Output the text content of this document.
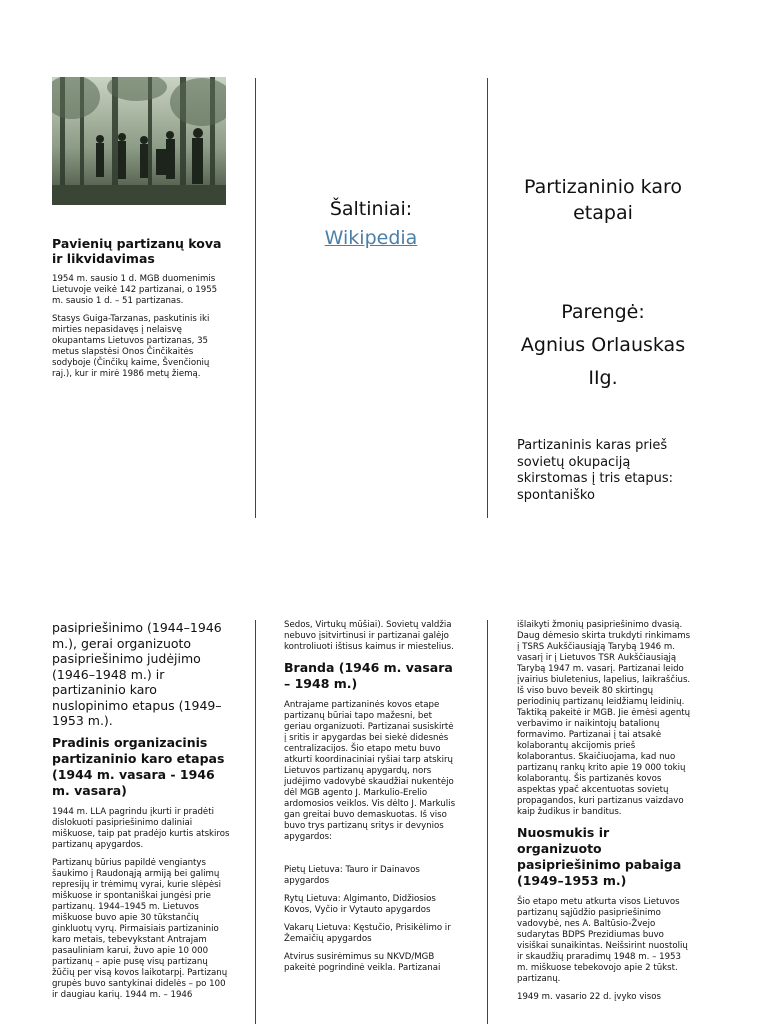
Pavienių partizanų kova ir likvidavimas

1954 m. sausio 1 d. MGB duomenimis Lietuvoje veikė 142 partizanai, o 1955 m. sausio 1 d. – 51 partizanas.

Stasys Guiga-Tarzanas, paskutinis iki mirties nepasidavęs į nelaisvę okupantams Lietuvos partizanas, 35 metus slapstėsi Onos Činčikaitės sodyboje (Činčikų kaime, Švenčionių raj.), kur ir mirė 1986 metų žiemą.

Šaltiniai:
Wikipedia
Partizaninio karo etapai
Parengė:
Agnius Orlauskas
IIg.

Partizaninis karas prieš sovietų okupaciją skirstomas į tris etapus: spontaniško

pasipriešinimo (1944–1946 m.), gerai organizuoto pasipriešinimo judėjimo (1946–1948 m.) ir partizaninio karo nuslopinimo etapus (1949–1953 m.).

Pradinis organizacinis partizaninio karo etapas (1944 m. vasara - 1946 m. vasara)

1944 m. LLA pagrindu įkurti ir pradėti dislokuoti pasipriešinimo daliniai miškuose, taip pat pradėjo kurtis atskiros partizanų apygardos.

Partizanų būrius papildė vengiantys šaukimo į Raudonąją armiją bei galimų represijų ir trėmimų vyrai, kurie slėpėsi miškuose ir spontaniškai jungėsi prie partizanų. 1944–1945 m. Lietuvos miškuose buvo apie 30 tūkstančių ginkluotų vyrų. Pirmaisiais partizaninio karo metais, tebevykstant Antrajam pasauliniam karui, žuvo apie 10 000 partizanų – apie pusę visų partizanų žūčių per visą kovos laikotarpį. Partizanų grupės buvo santykinai didelės – po 100 ir daugiau karių. 1944 m. – 1946

Sedos, Virtukų mūšiai). Sovietų valdžia nebuvo įsitvirtinusi ir partizanai galėjo kontroliuoti ištisus kaimus ir miestelius.

Branda (1946 m. vasara – 1948 m.)

Antrajame partizaninės kovos etape partizanų būriai tapo mažesni, bet geriau organizuoti. Partizanai susiskirtė į sritis ir apygardas bei siekė didesnės centralizacijos. Šio etapo metu buvo atkurti koordinaciniai ryšiai tarp atskirų Lietuvos partizanų apygardų, nors judėjimo vadovybė skaudžiai nukentėjo dėl MGB agento J. Markulio-Erelio ardomosios veiklos. Vis dėlto J. Markulis gan greitai buvo demaskuotas. Iš viso buvo trys partizanų sritys ir devynios apygardos:

Pietų Lietuva: Tauro ir Dainavos apygardos

Rytų Lietuva: Algimanto, Didžiosios Kovos, Vyčio ir Vytauto apygardos

Vakarų Lietuva: Kęstučio, Prisikėlimo ir Žemaičių apygardos

Atvirus susirėmimus su NKVD/MGB pakeitė pogrindinė veikla. Partizanai

išlaikyti žmonių pasipriešinimo dvasią. Daug dėmesio skirta trukdyti rinkimams į TSRS Aukščiausiąją Tarybą 1946 m. vasarį ir į Lietuvos TSR Aukščiausiąją Tarybą 1947 m. vasarį. Partizanai leido įvairius biuletenius, lapelius, laikraščius. Iš viso buvo beveik 80 skirtingų periodinių partizanų leidžiamų leidinių. Taktiką pakeitė ir MGB. Jie ėmėsi agentų verbavimo ir naikintojų batalionų formavimo. Partizanai į tai atsakė kolaborantų akcijomis prieš kolaborantus. Skaičiuojama, kad nuo partizanų rankų krito apie 19 000 tokių kolaborantų. Šis partizanės kovos aspektas ypač akcentuotas sovietų propagandos, kuri partizanus vaizdavo kaip žudikus ir banditus.

Nuosmukis ir organizuoto pasipriešinimo pabaiga (1949–1953 m.)

Šio etapo metu atkurta visos Lietuvos partizanų sąjūdžio pasipriešinimo vadovybė, nes A. Baltūsio-Žvejo sudarytas BDPS Prezidiumas buvo visiškai sunaikintas. Neišsirint nuostolių ir skaudžių praradimų 1948 m. – 1953 m. miškuose tebekovojo apie 2 tūkst. partizanų.

1949 m. vasario 22 d. įvyko visos
